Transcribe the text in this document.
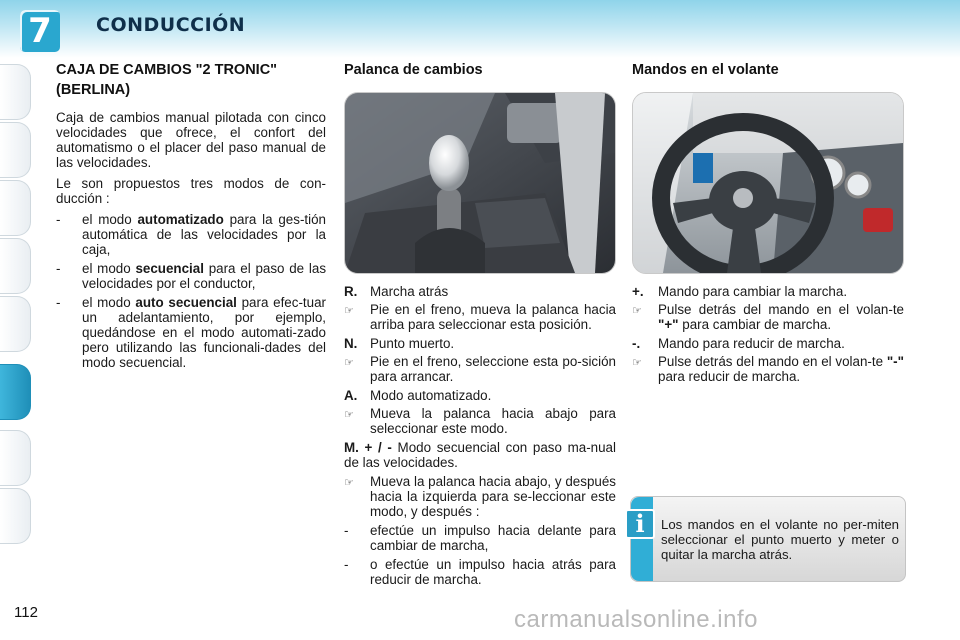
7	CONDUCCIÓN
CAJA DE CAMBIOS "2 TRONIC" (BERLINA)

Caja de cambios manual pilotada con cinco velocidades que ofrece, el confort del automatismo o el placer del paso manual de las velocidades.

Le son propuestos tres modos de con-ducción :

- el modo automatizado para la ges-tión automática de las velocidades por la caja,
- el modo secuencial para el paso de las velocidades por el conductor,
- el modo auto secuencial para efec-tuar un adelantamiento, por ejemplo, quedándose en el modo automati-zado pero utilizando las funcionali-dades del modo secuencial.
Palanca de cambios
R. Marcha atrás
☞ Pie en el freno, mueva la palanca hacia arriba para seleccionar esta posición.
N. Punto muerto.
☞ Pie en el freno, seleccione esta po-sición para arrancar.
A. Modo automatizado.
☞ Mueva la palanca hacia abajo para seleccionar este modo.
M. + / - Modo secuencial con paso ma-nual de las velocidades.
☞ Mueva la palanca hacia abajo, y después hacia la izquierda para se-leccionar este modo, y después :
- efectúe un impulso hacia delante para cambiar de marcha,
- o efectúe un impulso hacia atrás para reducir de marcha.
Mandos en el volante
+. Mando para cambiar la marcha.
☞ Pulse detrás del mando en el volan-te "+" para cambiar de marcha.
-. Mando para reducir de marcha.
☞ Pulse detrás del mando en el volan-te "-" para reducir de marcha.
i	Los mandos en el volante no per-miten seleccionar el punto muerto y meter o quitar la marcha atrás.
112	carmanualsonline.info
